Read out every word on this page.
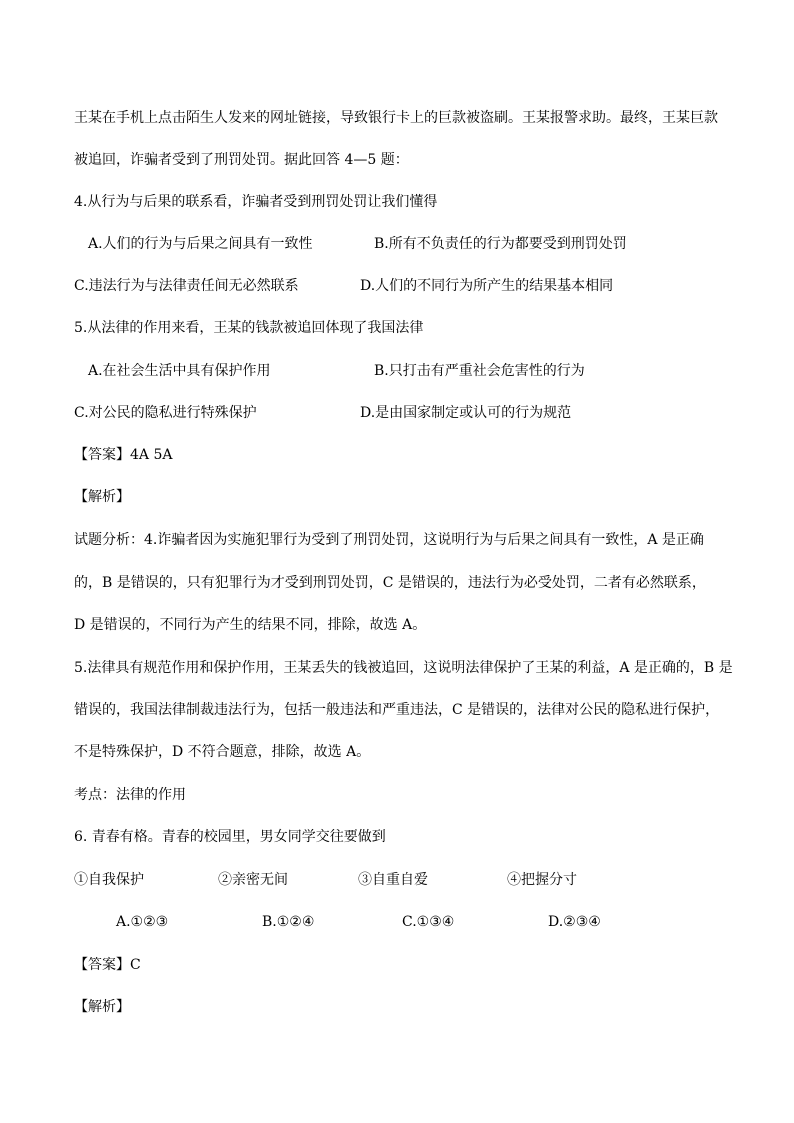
王某在手机上点击陌生人发来的网址链接，导致银行卡上的巨款被盗刷。王某报警求助。最终，王某巨款
被追回，诈骗者受到了刑罚处罚。据此回答 4—5 题：
4.从行为与后果的联系看，诈骗者受到刑罚处罚让我们懂得
A.人们的行为与后果之间具有一致性	B.所有不负责任的行为都要受到刑罚处罚
C.违法行为与法律责任间无必然联系	D.人们的不同行为所产生的结果基本相同
5.从法律的作用来看，王某的钱款被追回体现了我国法律
A.在社会生活中具有保护作用	B.只打击有严重社会危害性的行为
C.对公民的隐私进行特殊保护	D.是由国家制定或认可的行为规范
【答案】4A 5A
【解析】
试题分析：4.诈骗者因为实施犯罪行为受到了刑罚处罚，这说明行为与后果之间具有一致性，A 是正确
的，B 是错误的，只有犯罪行为才受到刑罚处罚，C 是错误的，违法行为必受处罚，二者有必然联系，
D 是错误的，不同行为产生的结果不同，排除，故选 A。
5.法律具有规范作用和保护作用，王某丢失的钱被追回，这说明法律保护了王某的利益，A 是正确的，B 是
错误的，我国法律制裁违法行为，包括一般违法和严重违法，C 是错误的，法律对公民的隐私进行保护，
不是特殊保护，D 不符合题意，排除，故选 A。
考点：法律的作用
6. 青春有格。青春的校园里，男女同学交往要做到
①自我保护	②亲密无间	③自重自爱	④把握分寸
A.①②③	B.①②④	C.①③④	D.②③④
【答案】C
【解析】
